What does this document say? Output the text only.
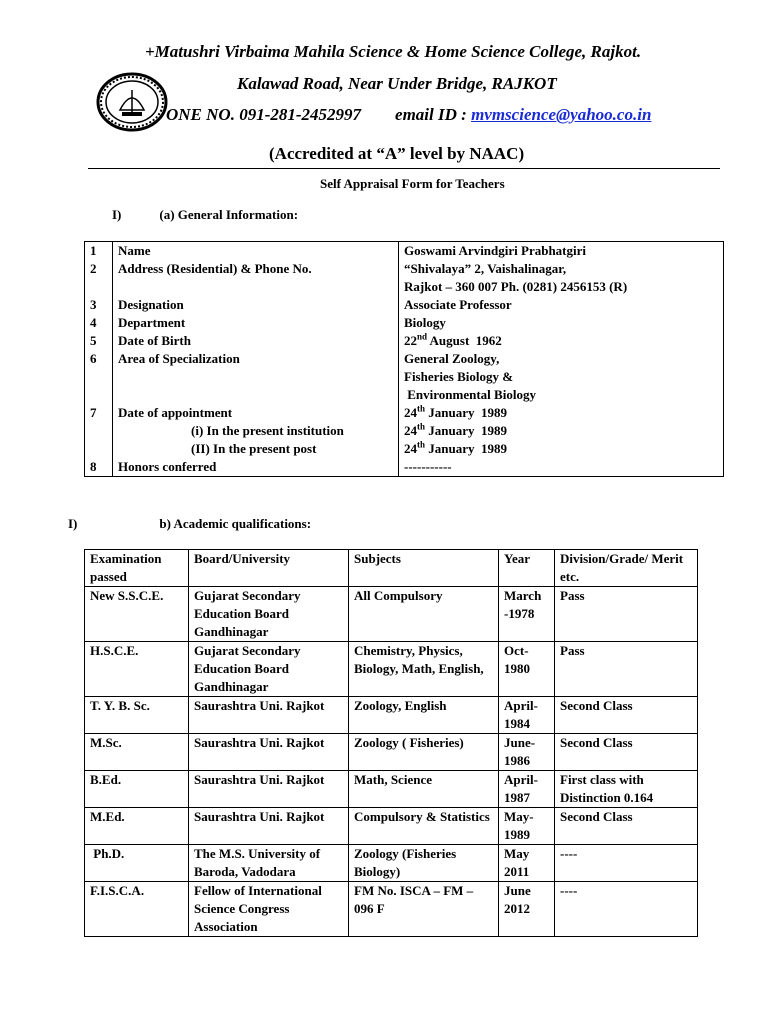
+Matushri Virbaima Mahila Science & Home Science College, Rajkot.
Kalawad Road, Near Under Bridge, RAJKOT
ONE NO. 091-281-2452997 email ID : mvmscience@yahoo.co.in
(Accredited at “A” level by NAAC)
Self Appraisal Form for Teachers
I)	(a) General Information:
1	Name	Goswami Arvindgiri Prabhatgiri
2	Address (Residential) & Phone No.	“Shivalaya” 2, Vaishalinagar,
Rajkot – 360 007 Ph. (0281) 2456153 (R)

3	Designation	Associate Professor
4	Department	Biology
5	Date of Birth	22nd August  1962
6	Area of Specialization	General Zoology,
Fisheries Biology &
Environmental Biology

7	Date of appointment	24th January  1989
	(i) In the present institution	24th January  1989
	(II) In the present post	24th January  1989
8	Honors conferred	-----------
I)	b) Academic qualifications:
Examination passed	Board/University	Subjects	Year	Division/Grade/ Merit etc.
New S.S.C.E.	Gujarat Secondary Education Board Gandhinagar	All Compulsory	March -1978	Pass
H.S.C.E.	Gujarat Secondary Education Board Gandhinagar	Chemistry, Physics, Biology, Math, English,	Oct-1980	Pass
T. Y. B. Sc.	Saurashtra Uni. Rajkot	Zoology, English	April-1984	Second Class
M.Sc.	Saurashtra Uni. Rajkot	Zoology ( Fisheries)	June-1986	Second Class
B.Ed.	Saurashtra Uni. Rajkot	Math, Science	April-1987	First class with Distinction 0.164
M.Ed.	Saurashtra Uni. Rajkot	Compulsory & Statistics	May-1989	Second Class
Ph.D.	The M.S. University of Baroda, Vadodara	Zoology (Fisheries Biology)	May 2011	----
F.I.S.C.A.	Fellow of International Science Congress Association	FM No. ISCA – FM – 096 F	June 2012	----
